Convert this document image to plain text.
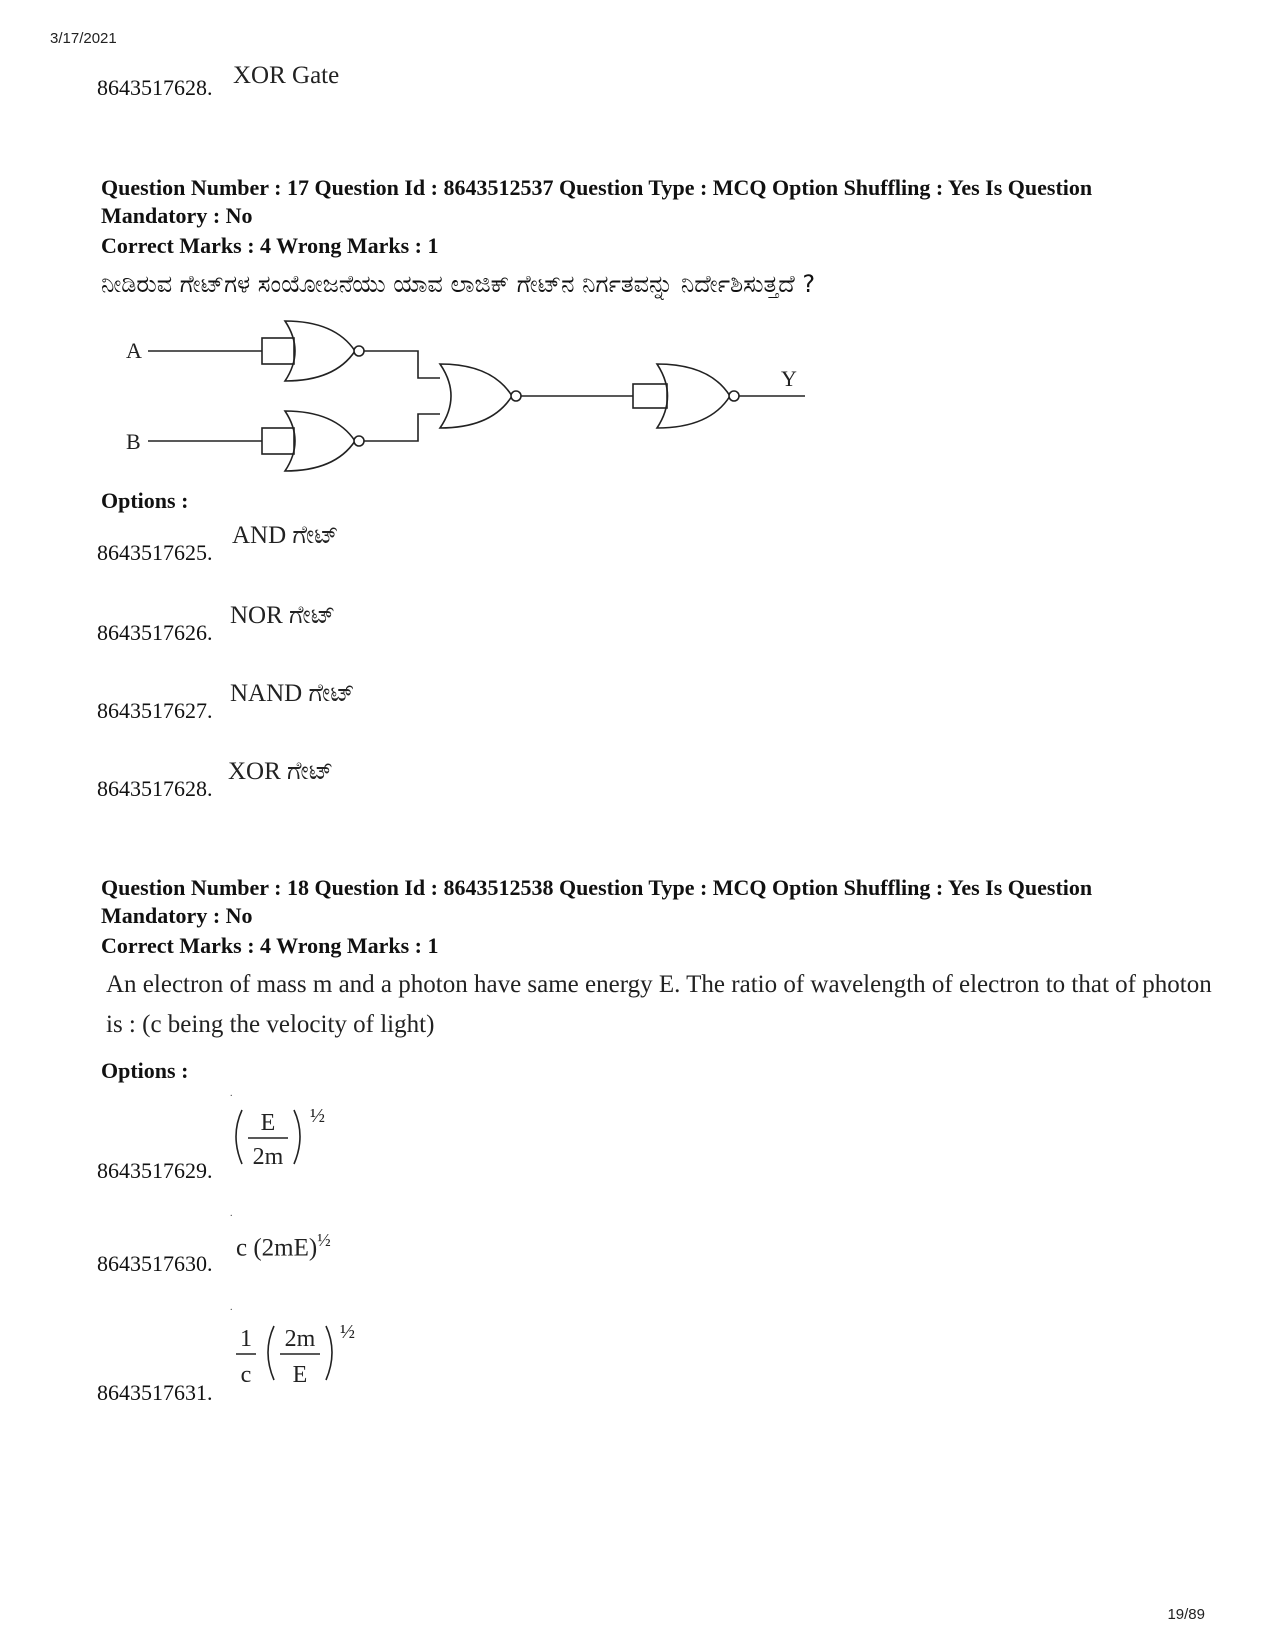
3/17/2021
19/89
8643517628. XOR Gate
Question Number : 17 Question Id : 8643512537 Question Type : MCQ Option Shuffling : Yes Is Question Mandatory : No
Correct Marks : 4 Wrong Marks : 1
ನೀಡಿರುವ ಗೇಟ್‌ಗಳ ಸಂಯೋಜನೆಯು ಯಾವ ಲಾಜಿಕ್ ಗೇಟ್‌ನ ನಿರ್ಗತವನ್ನು ನಿರ್ದೇಶಿಸುತ್ತದೆ ?
A
B
Y
Options :
8643517625.
AND ಗೇಟ್
8643517626.
NOR ಗೇಟ್
8643517627.
NAND ಗೇಟ್
8643517628.
XOR ಗೇಟ್
Question Number : 18 Question Id : 8643512538 Question Type : MCQ Option Shuffling : Yes Is Question Mandatory : No
Correct Marks : 4 Wrong Marks : 1
An electron of mass m and a photon have same energy E. The ratio of wavelength of electron to that of photon is : (c being the velocity of light)
Options :
.
8643517629.
E
2m
½
.
8643517630.
c $(2mE)^{\frac{1}{2}}$
.
8643517631.
1
c
2m
E
½
